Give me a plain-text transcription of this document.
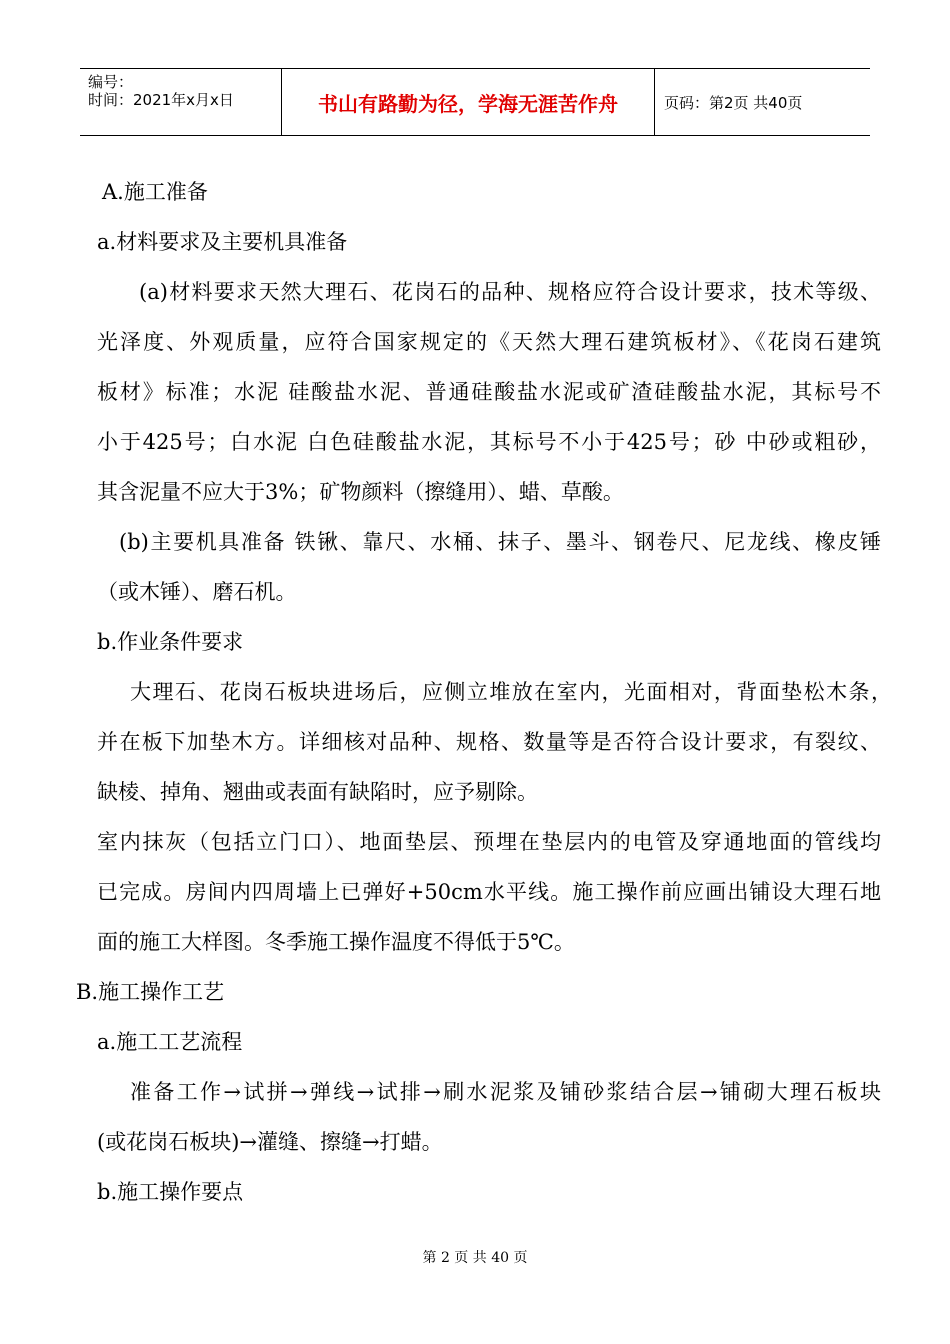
编号：
时间：2021年x月x日	书山有路勤为径，学海无涯苦作舟	页码：第2页 共40页
A.施工准备
a.材料要求及主要机具准备
(a)材料要求天然大理石、花岗石的品种、规格应符合设计要求，技术等级、
光泽度、外观质量，应符合国家规定的《天然大理石建筑板材》、《花岗石建筑
板材》标准；水泥 硅酸盐水泥、普通硅酸盐水泥或矿渣硅酸盐水泥，其标号不
小于425号；白水泥 白色硅酸盐水泥，其标号不小于425号；砂 中砂或粗砂，
其含泥量不应大于3%；矿物颜料（擦缝用）、蜡、草酸。
(b)主要机具准备 铁锹、靠尺、水桶、抹子、墨斗、钢卷尺、尼龙线、橡皮锤
（或木锤）、磨石机。
b.作业条件要求
大理石、花岗石板块进场后，应侧立堆放在室内，光面相对，背面垫松木条，
并在板下加垫木方。详细核对品种、规格、数量等是否符合设计要求，有裂纹、
缺棱、掉角、翘曲或表面有缺陷时，应予剔除。
室内抹灰（包括立门口）、地面垫层、预埋在垫层内的电管及穿通地面的管线均
已完成。房间内四周墙上已弹好+50cm水平线。施工操作前应画出铺设大理石地
面的施工大样图。冬季施工操作温度不得低于5℃。
B.施工操作工艺
a.施工工艺流程
准备工作→试拼→弹线→试排→刷水泥浆及铺砂浆结合层→铺砌大理石板块
(或花岗石板块)→灌缝、擦缝→打蜡。
b.施工操作要点
第 2 页 共 40 页
